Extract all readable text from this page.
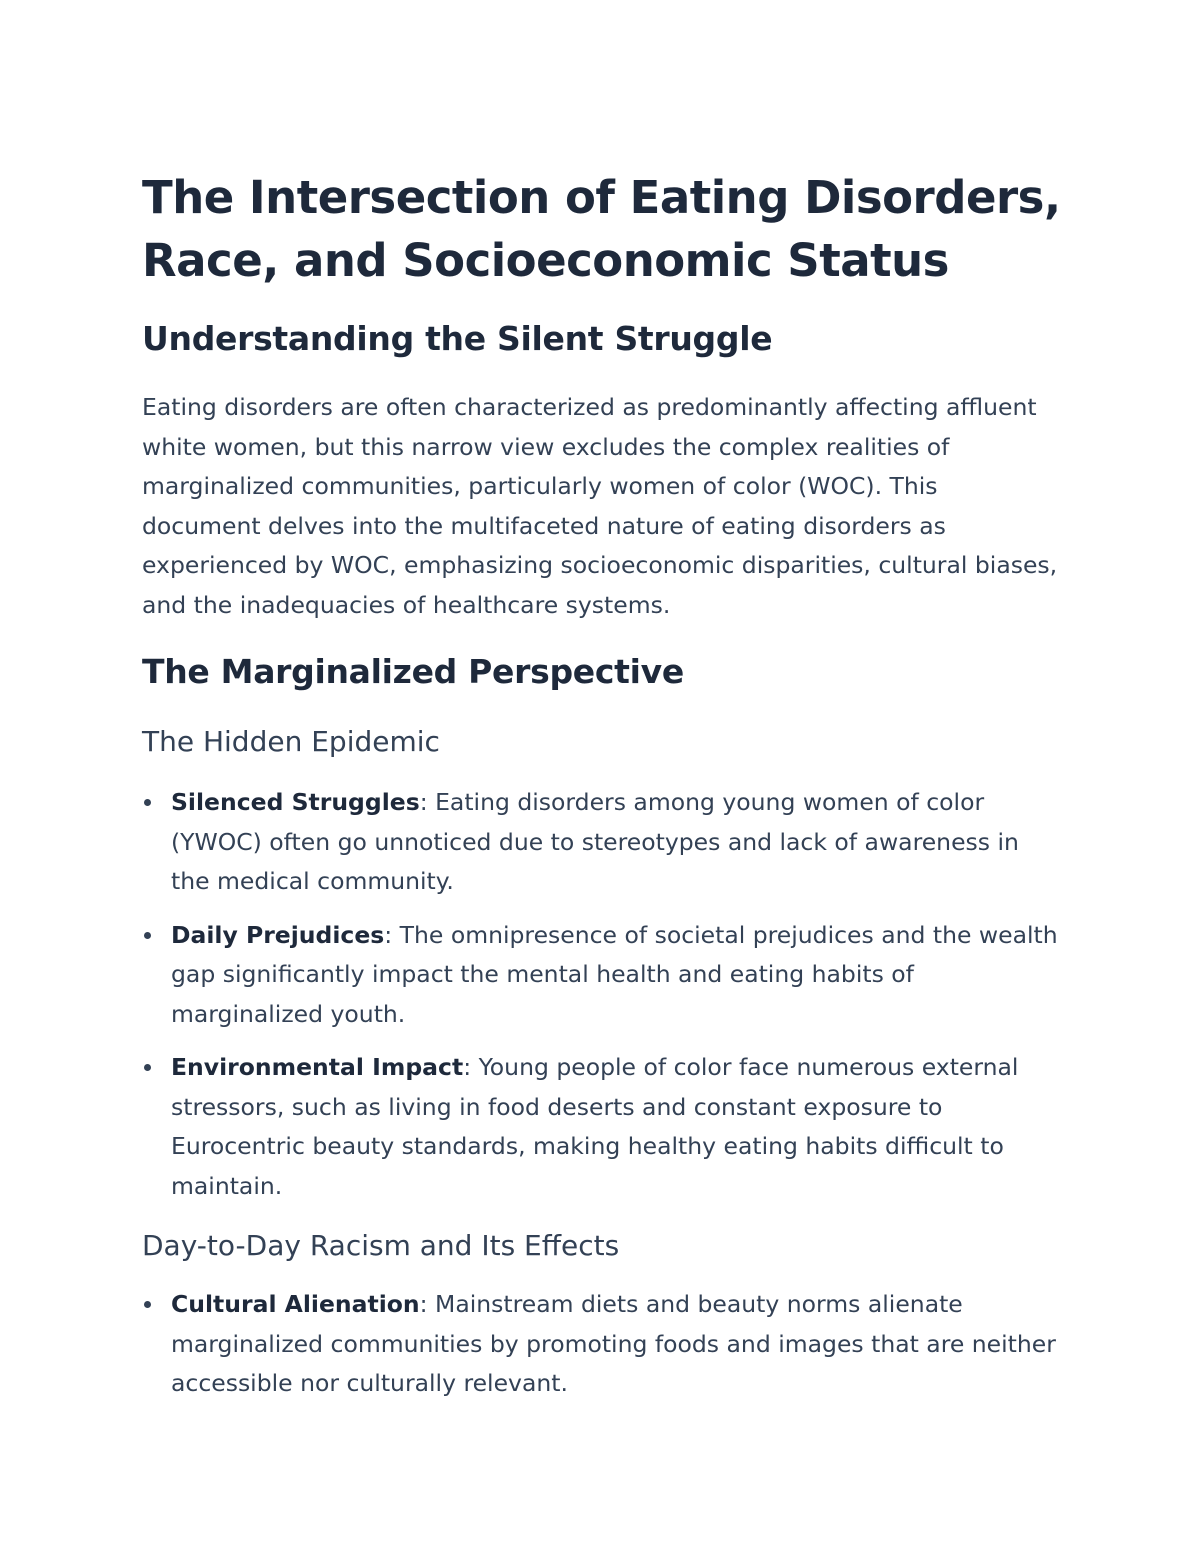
The Intersection of Eating Disorders, Race, and Socioeconomic Status
Understanding the Silent Struggle

Eating disorders are often characterized as predominantly affecting affluent white women, but this narrow view excludes the complex realities of marginalized communities, particularly women of color (WOC). This document delves into the multifaceted nature of eating disorders as experienced by WOC, emphasizing socioeconomic disparities, cultural biases, and the inadequacies of healthcare systems.

The Marginalized Perspective
The Hidden Epidemic
Silenced Struggles: Eating disorders among young women of color (YWOC) often go unnoticed due to stereotypes and lack of awareness in the medical community.
Daily Prejudices: The omnipresence of societal prejudices and the wealth gap significantly impact the mental health and eating habits of marginalized youth.
Environmental Impact: Young people of color face numerous external stressors, such as living in food deserts and constant exposure to Eurocentric beauty standards, making healthy eating habits difficult to maintain.
Day-to-Day Racism and Its Effects
Cultural Alienation: Mainstream diets and beauty norms alienate marginalized communities by promoting foods and images that are neither accessible nor culturally relevant.
